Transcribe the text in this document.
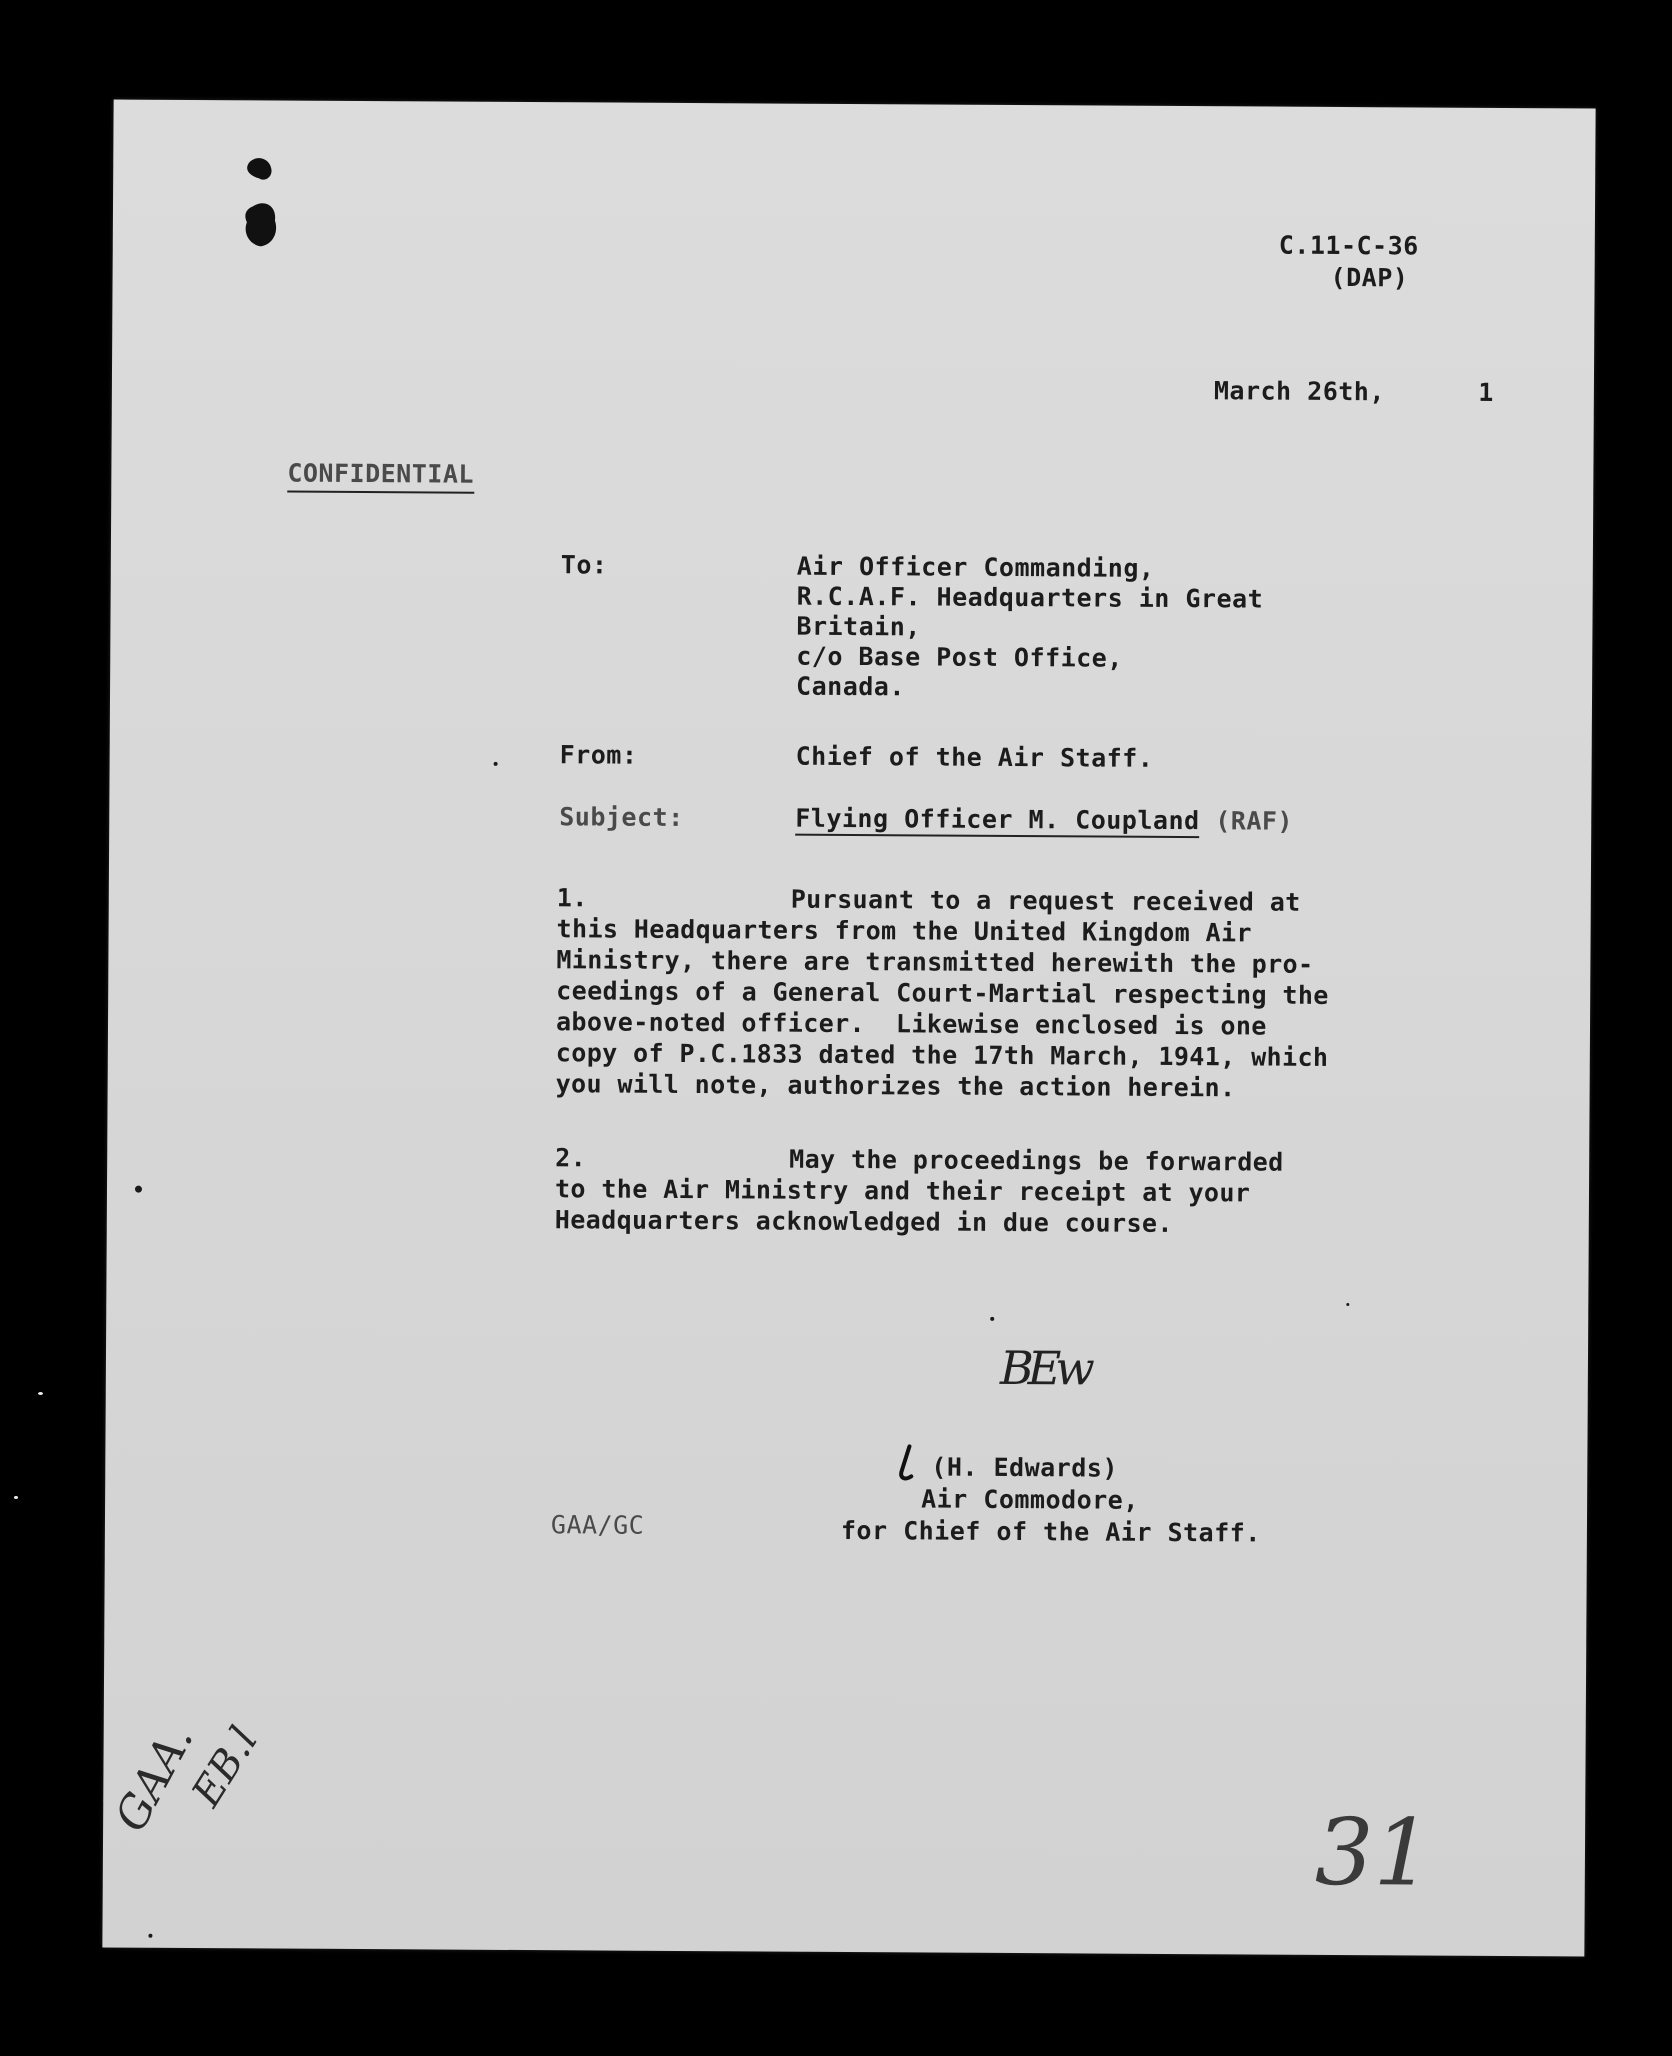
C.11-C-36
(DAP)
March 26th,      1
CONFIDENTIAL
To:	Air Officer Commanding,
R.C.A.F. Headquarters in Great
Britain,
c/o Base Post Office,
Canada.
From:	Chief of the Air Staff.
Subject:	Flying Officer M. Coupland (RAF)
1.	Pursuant to a request received at
this Headquarters from the United Kingdom Air
Ministry, there are transmitted herewith the pro-
ceedings of a General Court-Martial respecting the
above-noted officer.  Likewise enclosed is one
copy of P.C.1833 dated the 17th March, 1941, which
you will note, authorizes the action herein.
2.	May the proceedings be forwarded
to the Air Ministry and their receipt at your
Headquarters acknowledged in due course.
BEw
(H. Edwards)
Air Commodore,
for Chief of the Air Staff.
GAA/GC
GAA.
EB.l
31
